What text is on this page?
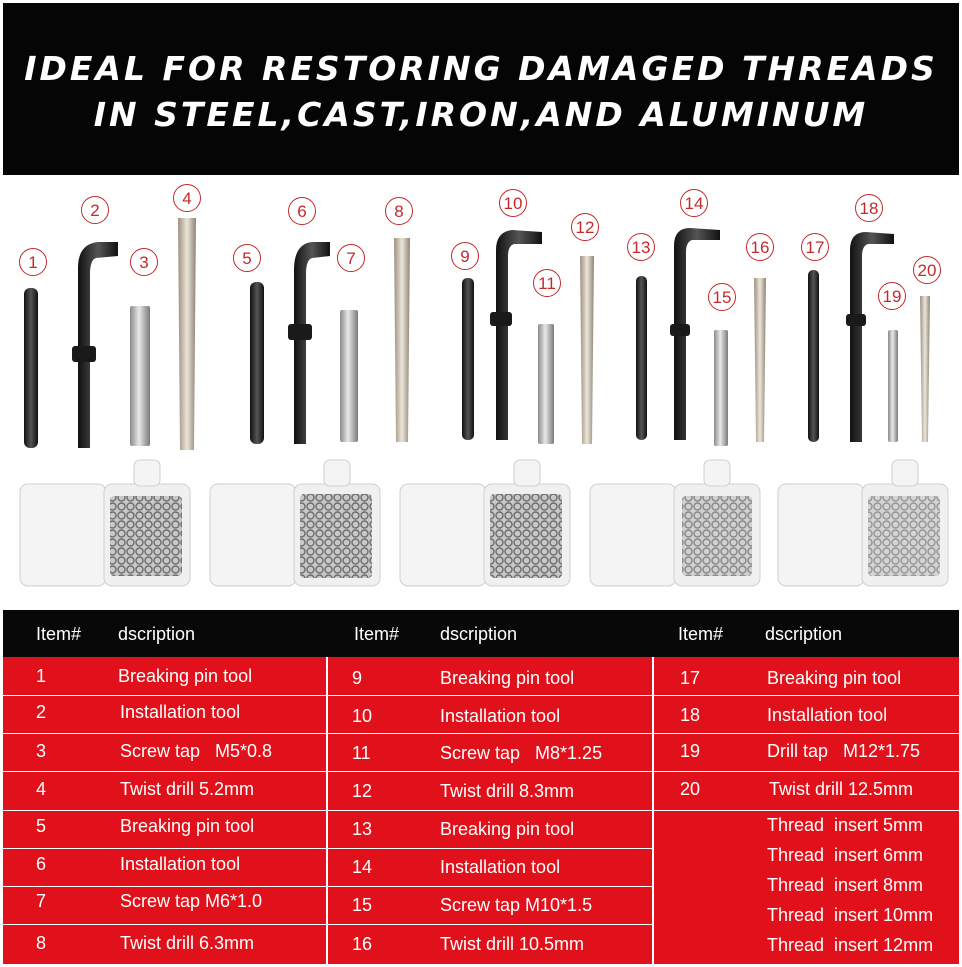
IDEAL FOR RESTORING DAMAGED THREADS
IN STEEL,CAST,IRON,AND ALUMINUM
1
2
3
4
5
6
7
8
9
10
11
12
13
14
15
16 17
18
19
20
Item# dscription	Item# dscription	Item# dscription
1	Breaking pin tool
2	Installation tool
3	Screw tap   M5*0.8
4	Twist drill 5.2mm
5	Breaking pin tool
6	Installation tool
7	Screw tap M6*1.0
8	Twist drill 6.3mm
9	Breaking pin tool
10	Installation tool
11	Screw tap   M8*1.25
12	Twist drill 8.3mm
13	Breaking pin tool
14	Installation tool
15	Screw tap M10*1.5
16	Twist drill 10.5mm
17	Breaking pin tool
18	Installation tool
19	Drill tap   M12*1.75
20	Twist drill 12.5mm
Thread  insert 5mm
Thread  insert 6mm
Thread  insert 8mm
Thread  insert 10mm
Thread  insert 12mm
